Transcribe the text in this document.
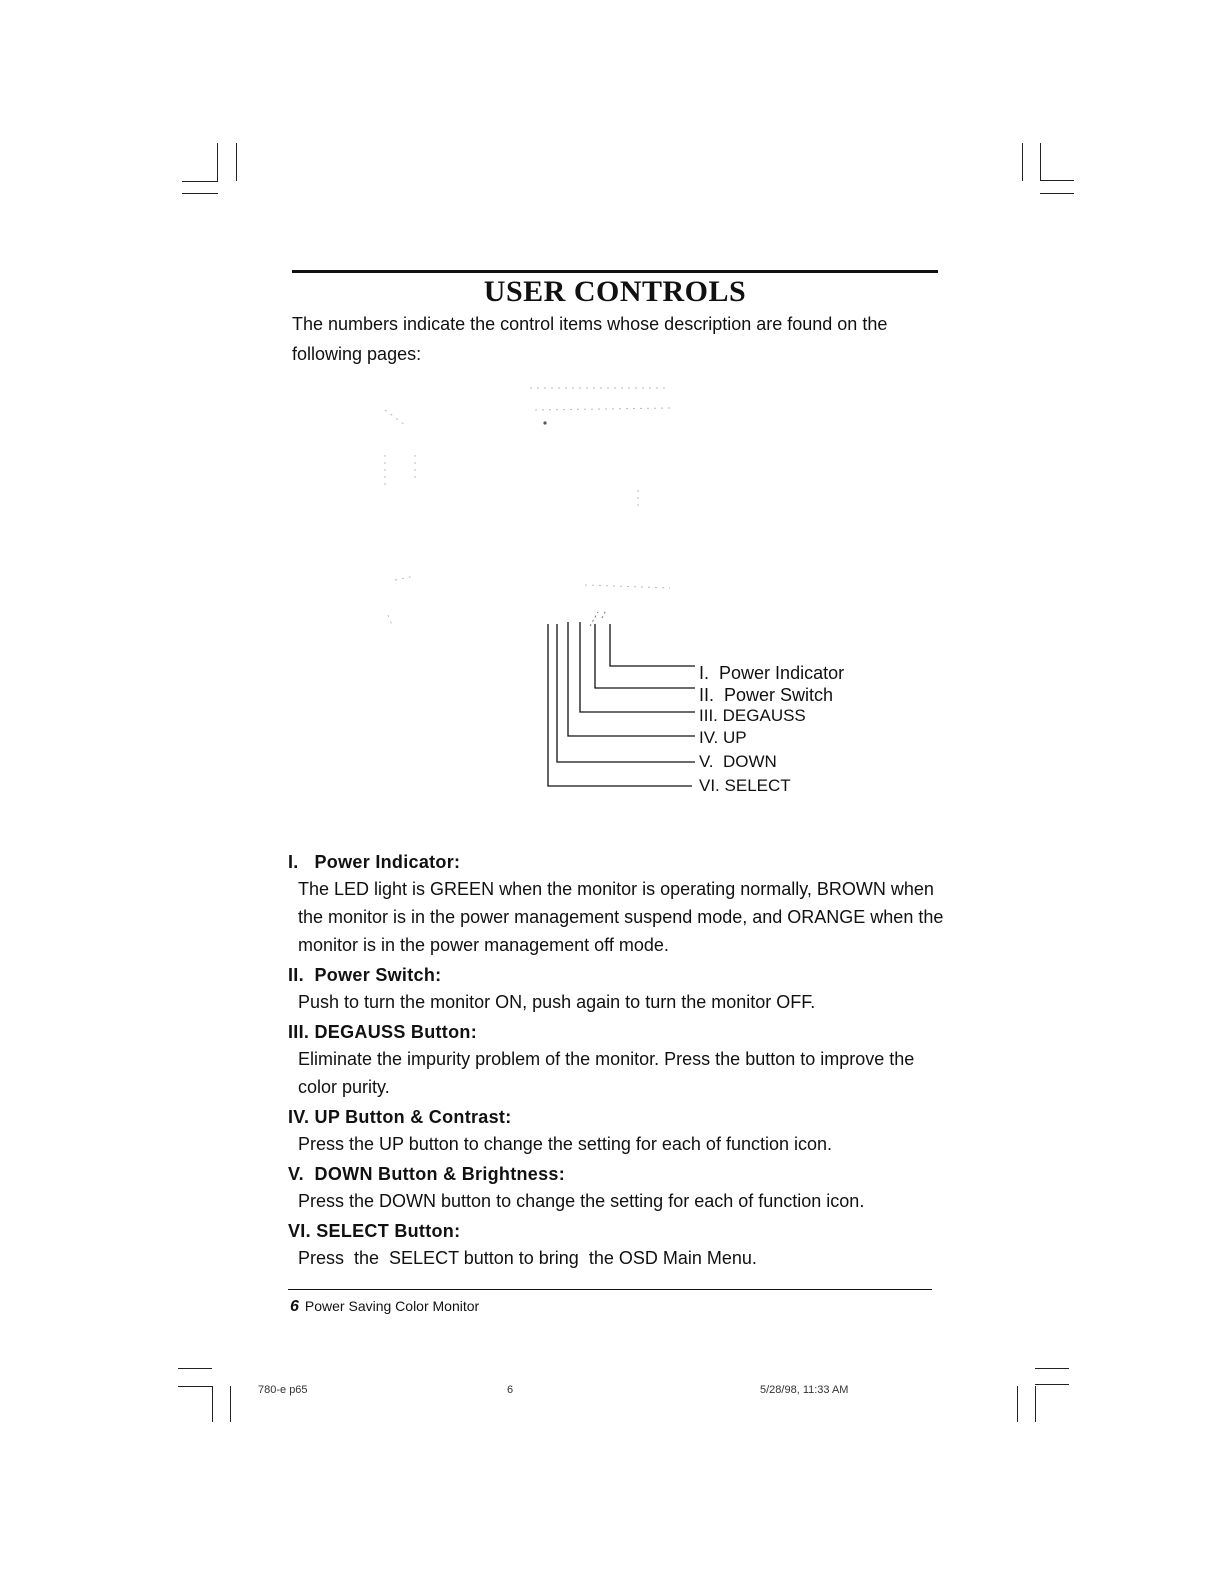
USER CONTROLS
The numbers indicate the control items whose description are found on the following pages:
I. Power Indicator
II. Power Switch
III. DEGAUSS
IV. UP
V. DOWN
VI. SELECT
I.   Power Indicator:

The LED light is GREEN when the monitor is operating normally, BROWN when the monitor is in the power management suspend mode, and ORANGE when the monitor is in the power management off mode.

II.  Power Switch:

Push to turn the monitor ON, push again to turn the monitor OFF.

III. DEGAUSS Button:

Eliminate the impurity problem of the monitor. Press the button to improve the color purity.

IV. UP Button & Contrast:

Press the UP button to change the setting for each of function icon.

V.  DOWN Button & Brightness:

Press the DOWN button to change the setting for each of function icon.

VI. SELECT Button:

Press  the  SELECT button to bring  the OSD Main Menu.

6 Power Saving Color Monitor
780-e p65	6	5/28/98, 11:33 AM
